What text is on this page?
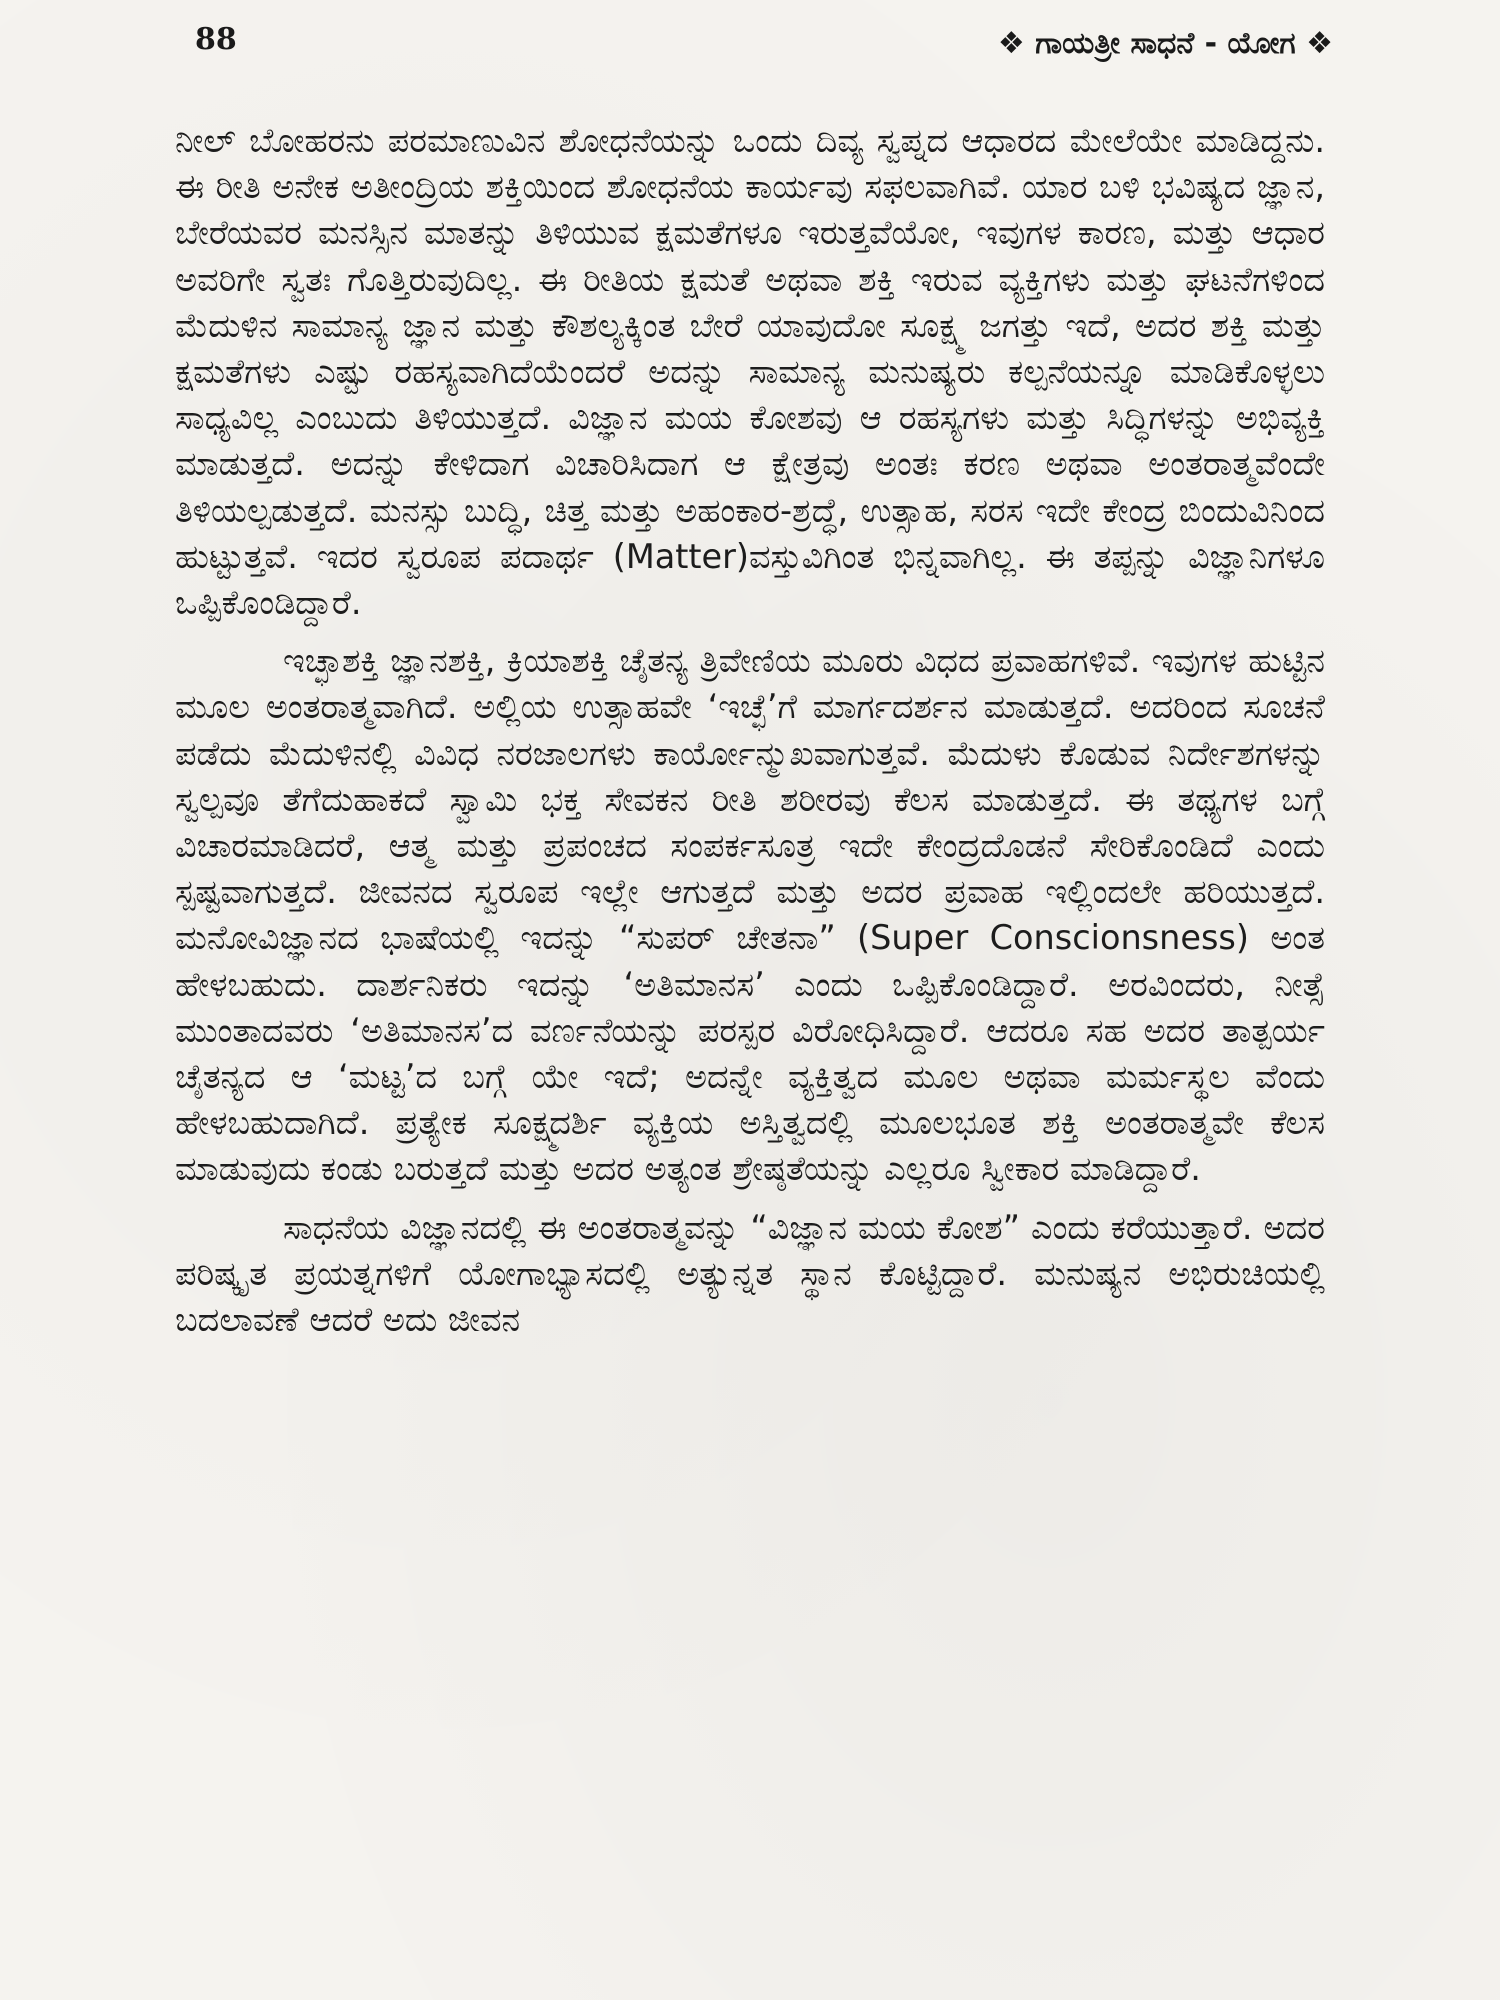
88	❖ ಗಾಯತ್ರೀ ಸಾಧನೆ - ಯೋಗ ❖

ನೀಲ್ ಬೋಹರನು ಪರಮಾಣುವಿನ ಶೋಧನೆಯನ್ನು ಒಂದು ದಿವ್ಯ ಸ್ವಪ್ನದ ಆಧಾರದ ಮೇಲೆಯೇ ಮಾಡಿದ್ದನು. ಈ ರೀತಿ ಅನೇಕ ಅತೀಂದ್ರಿಯ ಶಕ್ತಿಯಿಂದ ಶೋಧನೆಯ ಕಾರ್ಯವು ಸಫಲವಾಗಿವೆ. ಯಾರ ಬಳಿ ಭವಿಷ್ಯದ ಜ್ಞಾನ, ಬೇರೆಯವರ ಮನಸ್ಸಿನ ಮಾತನ್ನು ತಿಳಿಯುವ ಕ್ಷಮತೆಗಳೂ ಇರುತ್ತವೆಯೋ, ಇವುಗಳ ಕಾರಣ, ಮತ್ತು ಆಧಾರ ಅವರಿಗೇ ಸ್ವತಃ ಗೊತ್ತಿರುವುದಿಲ್ಲ. ಈ ರೀತಿಯ ಕ್ಷಮತೆ ಅಥವಾ ಶಕ್ತಿ ಇರುವ ವ್ಯಕ್ತಿಗಳು ಮತ್ತು ಘಟನೆಗಳಿಂದ ಮೆದುಳಿನ ಸಾಮಾನ್ಯ ಜ್ಞಾನ ಮತ್ತು ಕೌಶಲ್ಯಕ್ಕಿಂತ ಬೇರೆ ಯಾವುದೋ ಸೂಕ್ಷ್ಮ ಜಗತ್ತು ಇದೆ, ಅದರ ಶಕ್ತಿ ಮತ್ತು ಕ್ಷಮತೆಗಳು ಎಷ್ಟು ರಹಸ್ಯವಾಗಿದೆಯೆಂದರೆ ಅದನ್ನು ಸಾಮಾನ್ಯ ಮನುಷ್ಯರು ಕಲ್ಪನೆಯನ್ನೂ ಮಾಡಿಕೊಳ್ಳಲು ಸಾಧ್ಯವಿಲ್ಲ ಎಂಬುದು ತಿಳಿಯುತ್ತದೆ. ವಿಜ್ಞಾನ ಮಯ ಕೋಶವು ಆ ರಹಸ್ಯಗಳು ಮತ್ತು ಸಿದ್ಧಿಗಳನ್ನು ಅಭಿವ್ಯಕ್ತಿ ಮಾಡುತ್ತದೆ. ಅದನ್ನು ಕೇಳಿದಾಗ ವಿಚಾರಿಸಿದಾಗ ಆ ಕ್ಷೇತ್ರವು ಅಂತಃ ಕರಣ ಅಥವಾ ಅಂತರಾತ್ಮವೆಂದೇ ತಿಳಿಯಲ್ಪಡುತ್ತದೆ. ಮನಸ್ಸು ಬುದ್ಧಿ, ಚಿತ್ತ ಮತ್ತು ಅಹಂಕಾರ-ಶ್ರದ್ಧೆ, ಉತ್ಸಾಹ, ಸರಸ ಇದೇ ಕೇಂದ್ರ ಬಿಂದುವಿನಿಂದ ಹುಟ್ಟುತ್ತವೆ. ಇದರ ಸ್ವರೂಪ ಪದಾರ್ಥ (Matter)ವಸ್ತುವಿಗಿಂತ ಭಿನ್ನವಾಗಿಲ್ಲ. ಈ ತಪ್ಪನ್ನು ವಿಜ್ಞಾನಿಗಳೂ ಒಪ್ಪಿಕೊಂಡಿದ್ದಾರೆ.

ಇಚ್ಛಾಶಕ್ತಿ ಜ್ಞಾನಶಕ್ತಿ, ಕ್ರಿಯಾಶಕ್ತಿ ಚೈತನ್ಯ ತ್ರಿವೇಣಿಯ ಮೂರು ವಿಧದ ಪ್ರವಾಹಗಳಿವೆ. ಇವುಗಳ ಹುಟ್ಟಿನ ಮೂಲ ಅಂತರಾತ್ಮವಾಗಿದೆ. ಅಲ್ಲಿಯ ಉತ್ಸಾಹವೇ ‘ಇಚ್ಛೆ’ಗೆ ಮಾರ್ಗದರ್ಶನ ಮಾಡುತ್ತದೆ. ಅದರಿಂದ ಸೂಚನೆ ಪಡೆದು ಮೆದುಳಿನಲ್ಲಿ ವಿವಿಧ ನರಜಾಲಗಳು ಕಾರ್ಯೋನ್ಮುಖವಾಗುತ್ತವೆ. ಮೆದುಳು ಕೊಡುವ ನಿರ್ದೇಶಗಳನ್ನು ಸ್ವಲ್ಪವೂ ತೆಗೆದುಹಾಕದೆ ಸ್ವಾಮಿ ಭಕ್ತ ಸೇವಕನ ರೀತಿ ಶರೀರವು ಕೆಲಸ ಮಾಡುತ್ತದೆ. ಈ ತಥ್ಯಗಳ ಬಗ್ಗೆ ವಿಚಾರಮಾಡಿದರೆ, ಆತ್ಮ ಮತ್ತು ಪ್ರಪಂಚದ ಸಂಪರ್ಕಸೂತ್ರ ಇದೇ ಕೇಂದ್ರದೊಡನೆ ಸೇರಿಕೊಂಡಿದೆ ಎಂದು ಸ್ಪಷ್ಟವಾಗುತ್ತದೆ. ಜೀವನದ ಸ್ವರೂಪ ಇಲ್ಲೇ ಆಗುತ್ತದೆ ಮತ್ತು ಅದರ ಪ್ರವಾಹ ಇಲ್ಲಿಂದಲೇ ಹರಿಯುತ್ತದೆ. ಮನೋವಿಜ್ಞಾನದ ಭಾಷೆಯಲ್ಲಿ ಇದನ್ನು “ಸುಪರ್ ಚೇತನಾ” (Super Conscionsness) ಅಂತ ಹೇಳಬಹುದು. ದಾರ್ಶನಿಕರು ಇದನ್ನು ‘ಅತಿಮಾನಸ’ ಎಂದು ಒಪ್ಪಿಕೊಂಡಿದ್ದಾರೆ. ಅರವಿಂದರು, ನೀತ್ಸೆ ಮುಂತಾದವರು ‘ಅತಿಮಾನಸ’ದ ವರ್ಣನೆಯನ್ನು ಪರಸ್ಪರ ವಿರೋಧಿಸಿದ್ದಾರೆ. ಆದರೂ ಸಹ ಅದರ ತಾತ್ಪರ್ಯ ಚೈತನ್ಯದ ಆ ‘ಮಟ್ಟ’ದ ಬಗ್ಗೆ ಯೇ ಇದೆ; ಅದನ್ನೇ ವ್ಯಕ್ತಿತ್ವದ ಮೂಲ ಅಥವಾ ಮರ್ಮಸ್ಥಲ ವೆಂದು ಹೇಳಬಹುದಾಗಿದೆ. ಪ್ರತ್ಯೇಕ ಸೂಕ್ಷ್ಮದರ್ಶಿ ವ್ಯಕ್ತಿಯ ಅಸ್ತಿತ್ವದಲ್ಲಿ ಮೂಲಭೂತ ಶಕ್ತಿ ಅಂತರಾತ್ಮವೇ ಕೆಲಸ ಮಾಡುವುದು ಕಂಡು ಬರುತ್ತದೆ ಮತ್ತು ಅದರ ಅತ್ಯಂತ ಶ್ರೇಷ್ಠತೆಯನ್ನು ಎಲ್ಲರೂ ಸ್ವೀಕಾರ ಮಾಡಿದ್ದಾರೆ.

ಸಾಧನೆಯ ವಿಜ್ಞಾನದಲ್ಲಿ ಈ ಅಂತರಾತ್ಮವನ್ನು “ವಿಜ್ಞಾನ ಮಯ ಕೋಶ” ಎಂದು ಕರೆಯುತ್ತಾರೆ. ಅದರ ಪರಿಷ್ಕೃತ ಪ್ರಯತ್ನಗಳಿಗೆ ಯೋಗಾಭ್ಯಾಸದಲ್ಲಿ ಅತ್ಯುನ್ನತ ಸ್ಥಾನ ಕೊಟ್ಟಿದ್ದಾರೆ. ಮನುಷ್ಯನ ಅಭಿರುಚಿಯಲ್ಲಿ ಬದಲಾವಣೆ ಆದರೆ ಅದು ಜೀವನ
